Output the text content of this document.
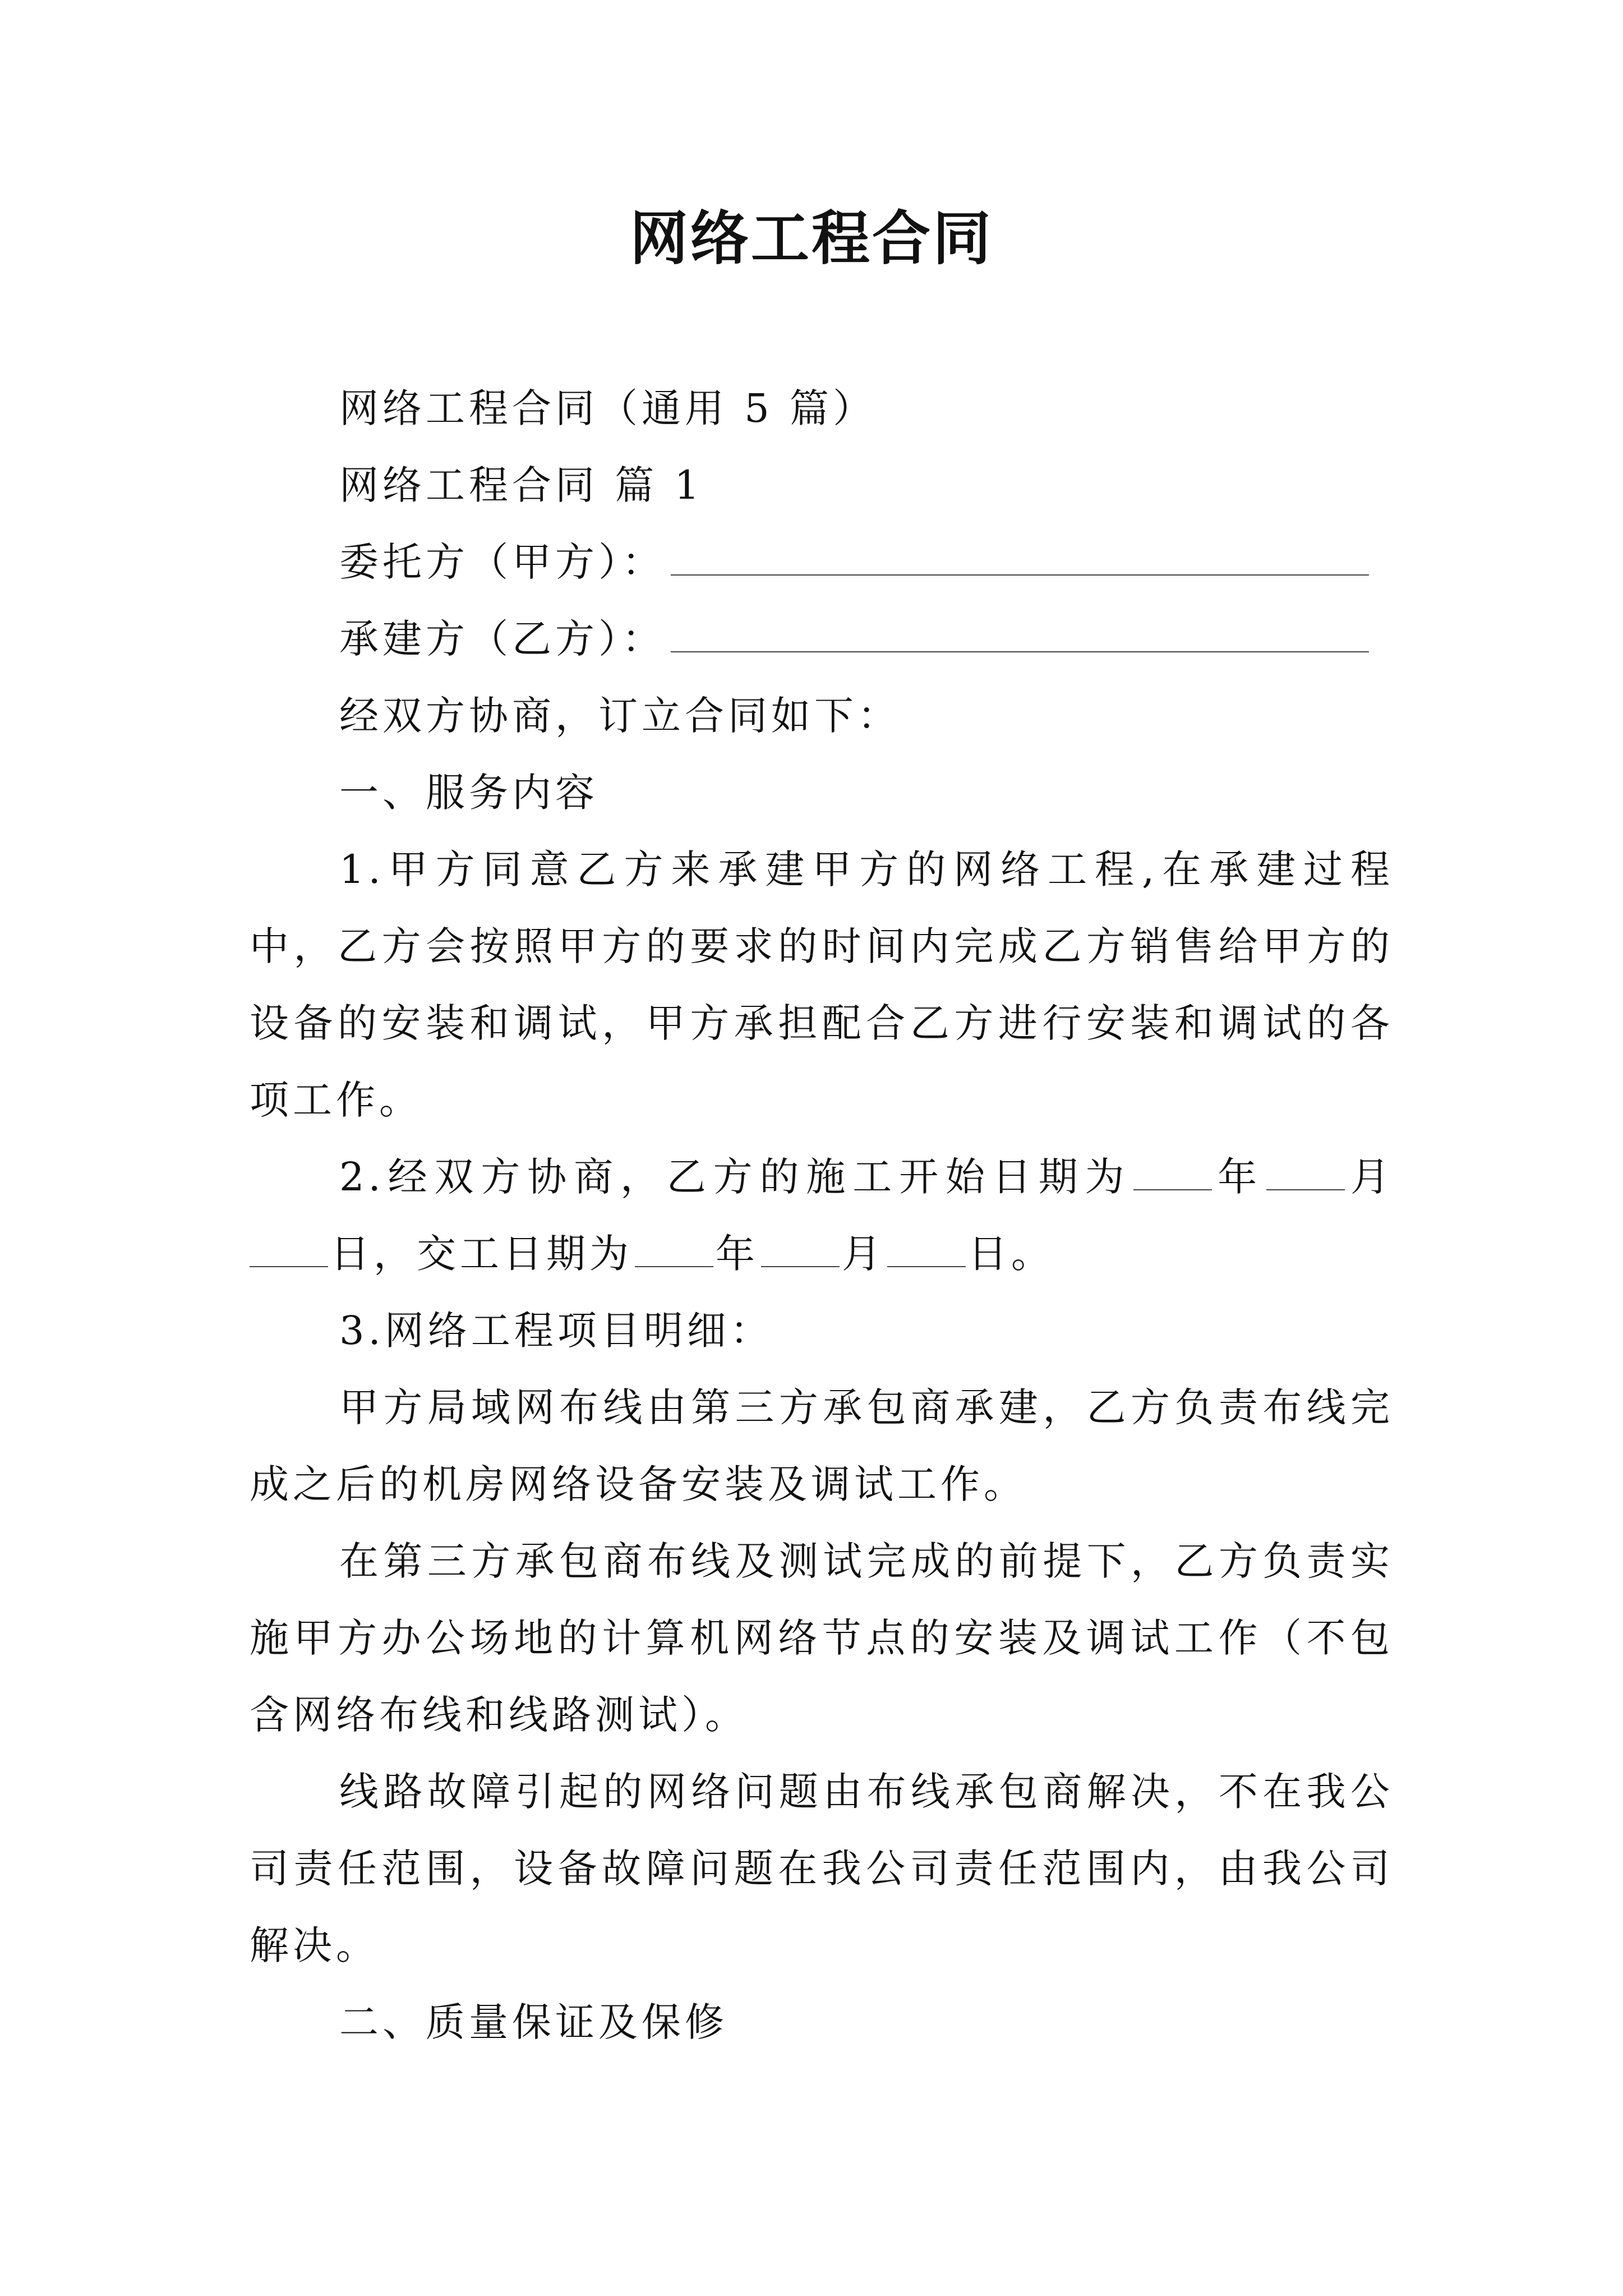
网络工程合同

网络工程合同（通用 5 篇）

网络工程合同 篇 1

委托方（甲方）：

承建方（乙方）：

经双方协商，订立合同如下：

一、服务内容

1.甲方同意乙方来承建甲方的网络工程,在承建过程中，乙方会按照甲方的要求的时间内完成乙方销售给甲方的设备的安装和调试，甲方承担配合乙方进行安装和调试的各项工作。

2.经双方协商，乙方的施工开始日期为 年 月日，交工日期为 年 月 日。

3.网络工程项目明细：

甲方局域网布线由第三方承包商承建，乙方负责布线完成之后的机房网络设备安装及调试工作。

在第三方承包商布线及测试完成的前提下，乙方负责实施甲方办公场地的计算机网络节点的安装及调试工作（不包含网络布线和线路测试）。

线路故障引起的网络问题由布线承包商解决，不在我公司责任范围，设备故障问题在我公司责任范围内，由我公司解决。

二、质量保证及保修
